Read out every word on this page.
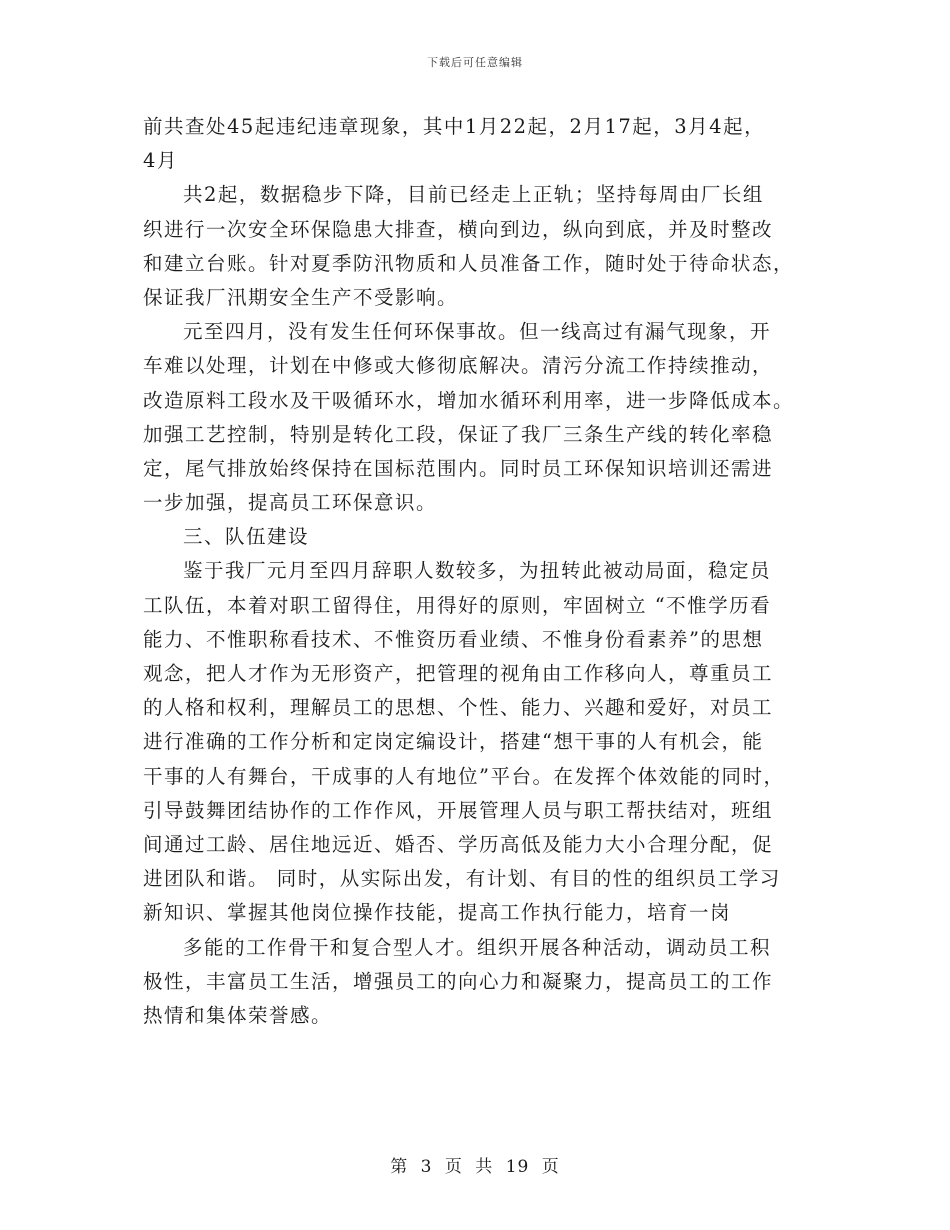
下载后可任意编辑
前共查处45起违纪违章现象，其中1月22起，2月17起，3月4起，
4月
共2起，数据稳步下降，目前已经走上正轨；坚持每周由厂长组
织进行一次安全环保隐患大排查，横向到边，纵向到底，并及时整改
和建立台账。针对夏季防汛物质和人员准备工作，随时处于待命状态，
保证我厂汛期安全生产不受影响。
元至四月，没有发生任何环保事故。但一线高过有漏气现象，开
车难以处理，计划在中修或大修彻底解决。清污分流工作持续推动，
改造原料工段水及干吸循环水，增加水循环利用率，进一步降低成本。
加强工艺控制，特别是转化工段，保证了我厂三条生产线的转化率稳
定，尾气排放始终保持在国标范围内。同时员工环保知识培训还需进
一步加强，提高员工环保意识。
三、队伍建设
鉴于我厂元月至四月辞职人数较多，为扭转此被动局面，稳定员
工队伍，本着对职工留得住，用得好的原则，牢固树立 “不惟学历看
能力、不惟职称看技术、不惟资历看业绩、不惟身份看素养”的思想
观念，把人才作为无形资产，把管理的视角由工作移向人，尊重员工
的人格和权利，理解员工的思想、个性、能力、兴趣和爱好，对员工
进行准确的工作分析和定岗定编设计，搭建“想干事的人有机会，能
干事的人有舞台，干成事的人有地位”平台。在发挥个体效能的同时，
引导鼓舞团结协作的工作作风，开展管理人员与职工帮扶结对，班组
间通过工龄、居住地远近、婚否、学历高低及能力大小合理分配，促
进团队和谐。 同时，从实际出发，有计划、有目的性的组织员工学习
新知识、掌握其他岗位操作技能，提高工作执行能力，培育一岗
多能的工作骨干和复合型人才。组织开展各种活动，调动员工积
极性，丰富员工生活，增强员工的向心力和凝聚力，提高员工的工作
热情和集体荣誉感。
第 3 页 共 19 页
